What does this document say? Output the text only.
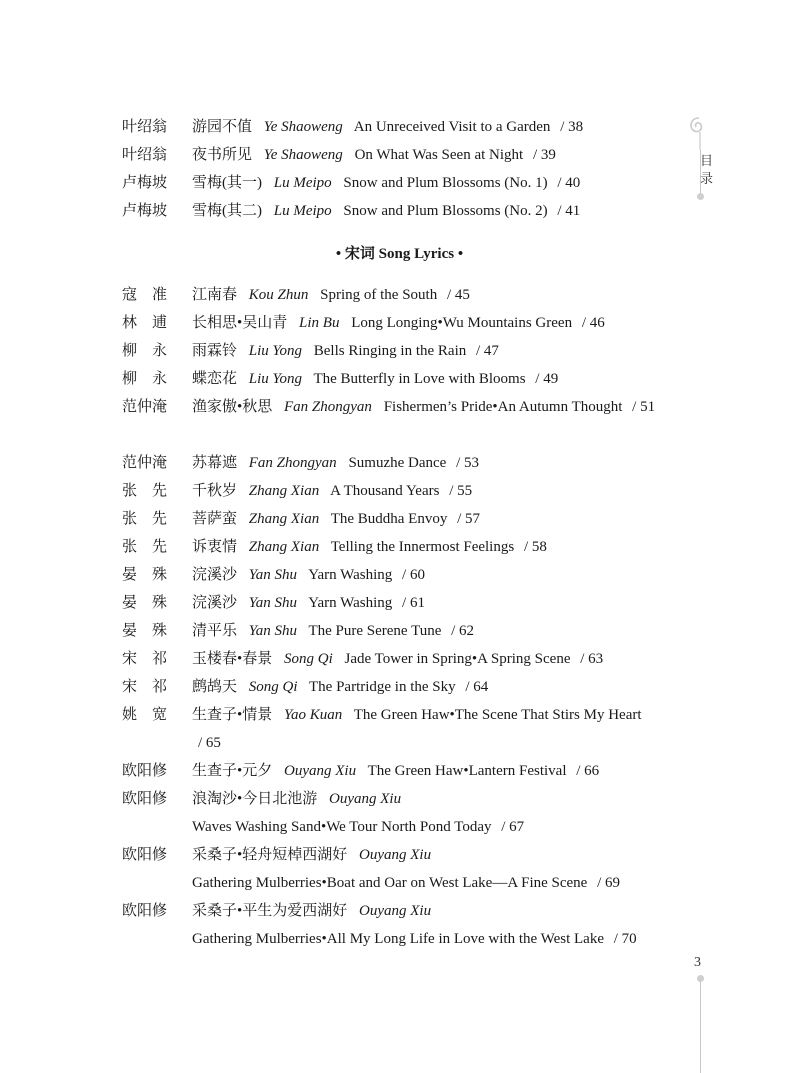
叶绍翁	游园不值 Ye Shaoweng An Unreceived Visit to a Garden / 38
叶绍翁	夜书所见 Ye Shaoweng On What Was Seen at Night / 39
卢梅坡	雪梅(其一) Lu Meipo Snow and Plum Blossoms (No. 1) / 40
卢梅坡	雪梅(其二) Lu Meipo Snow and Plum Blossoms (No. 2) / 41
• 宋词 Song Lyrics •
寇　准	江南春 Kou Zhun Spring of the South / 45
林　逋	长相思•吴山青 Lin Bu Long Longing•Wu Mountains Green / 46
柳　永	雨霖铃 Liu Yong Bells Ringing in the Rain / 47
柳　永	蝶恋花 Liu Yong The Butterfly in Love with Blooms / 49
范仲淹	渔家傲•秋思 Fan Zhongyan Fishermen’s Pride•An Autumn Thought / 51
范仲淹	苏幕遮 Fan Zhongyan Sumuzhe Dance / 53
张　先	千秋岁 Zhang Xian A Thousand Years / 55
张　先	菩萨蛮 Zhang Xian The Buddha Envoy / 57
张　先	诉衷情 Zhang Xian Telling the Innermost Feelings / 58
晏　殊	浣溪沙 Yan Shu Yarn Washing / 60
晏　殊	浣溪沙 Yan Shu Yarn Washing / 61
晏　殊	清平乐 Yan Shu The Pure Serene Tune / 62
宋　祁	玉楼春•春景 Song Qi Jade Tower in Spring•A Spring Scene / 63
宋　祁	鹧鸪天 Song Qi The Partridge in the Sky / 64
姚　宽	生查子•情景 Yao Kuan The Green Haw•The Scene That Stirs My Heart / 65
欧阳修	生查子•元夕 Ouyang Xiu The Green Haw•Lantern Festival / 66
欧阳修	浪淘沙•今日北池游 Ouyang Xiu Waves Washing Sand•We Tour North Pond Today / 67
欧阳修	采桑子•轻舟短棹西湖好 Ouyang Xiu Gathering Mulberries•Boat and Oar on West Lake—A Fine Scene / 69
欧阳修	采桑子•平生为爱西湖好 Ouyang Xiu Gathering Mulberries•All My Long Life in Love with the West Lake / 70
目
录
3
